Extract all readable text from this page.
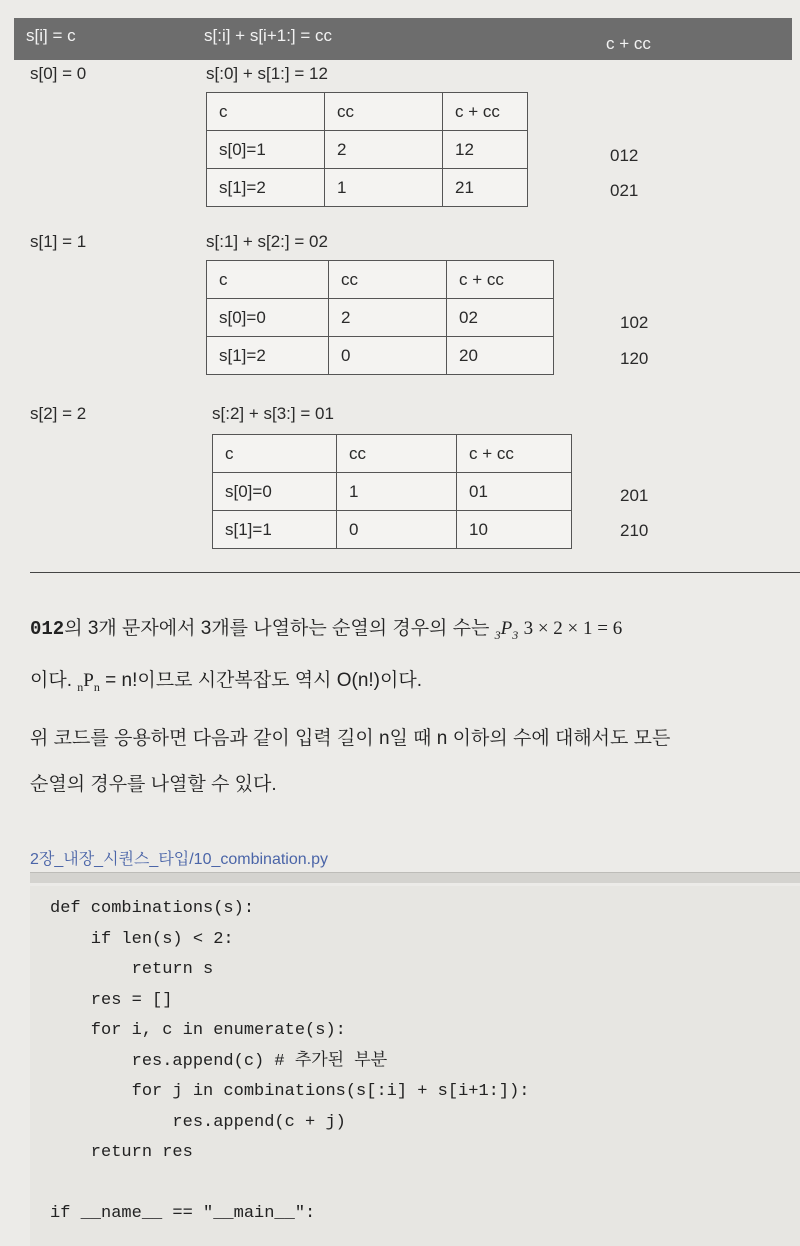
s[i] = c	s[:i] + s[i+1:] = cc	c + cc
s[0] = 0	s[:0] + s[1:] = 12
c	cc	c + cc
s[0]=1	2	12
s[1]=2	1	21
012
021
s[1] = 1	s[:1] + s[2:] = 02
c	cc	c + cc
s[0]=0	2	02
s[1]=2	0	20
102
120
s[2] = 2	s[:2] + s[3:] = 01
c	cc	c + cc
s[0]=0	1	01
s[1]=1	0	10
201
210
012의 3개 문자에서 3개를 나열하는 순열의 경우의 수는 $_3P_3$ 3 × 2 × 1 = 6
이다. $_nP_n = n$!이므로 시간복잡도 역시 O(n!)이다.
위 코드를 응용하면 다음과 같이 입력 길이 n일 때 n 이하의 수에 대해서도 모든
순열의 경우를 나열할 수 있다.
2장_내장_시퀀스_타입/10_combination.py
def combinations(s):
if len(s) < 2:
return s
res = []
for i, c in enumerate(s):
res.append(c) # 추가된 부분
for j in combinations(s[:i] + s[i+1:]):
res.append(c + j)
return res

if __name__ == "__main__":
